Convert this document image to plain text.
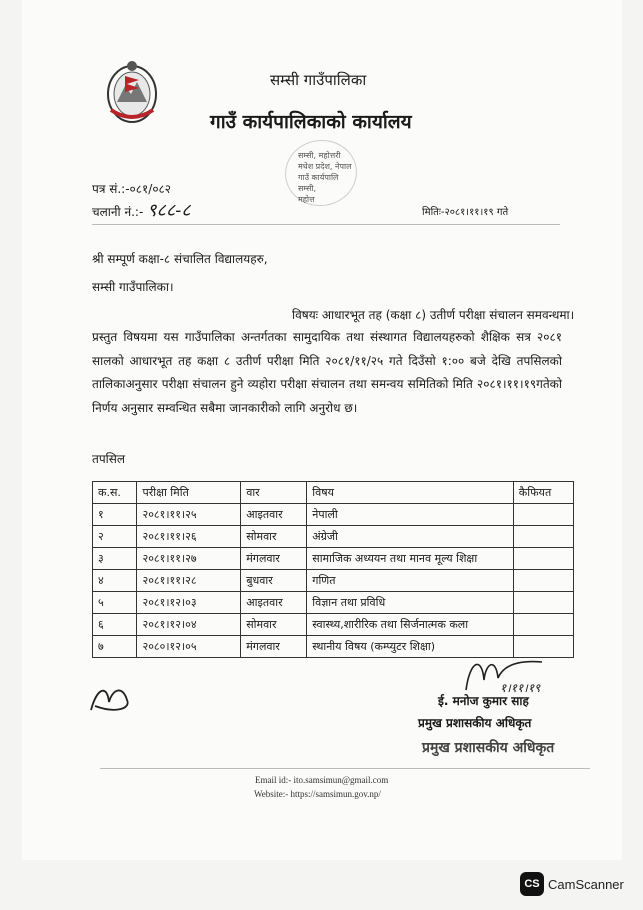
सम्सी गाउँपालिका
गाउँ कार्यपालिकाको कार्यालय
सम्सी, महोत्तरी
मधेश प्रदेश, नेपाल
गाउँ कार्यपालि
सम्सी,
महोत्त
पत्र सं.:-०८१/०८२
चलानी नं.:- ९८८-८	मितिः-२०८१।११।१९ गते
श्री सम्पूर्ण कक्षा-८ संचालित विद्यालयहरु,
सम्सी गाउँपालिका।
विषयः आधारभूत तह (कक्षा ८) उतीर्ण परीक्षा संचालन समवन्धमा।
प्रस्तुत विषयमा यस गाउँपालिका अन्तर्गतका सामुदायिक तथा संस्थागत विद्यालयहरुको शैक्षिक सत्र २०८१ सालको आधारभूत तह कक्षा ८ उतीर्ण परीक्षा मिति २०८१/११/२५ गते दिउँसो १:०० बजे देखि तपसिलको तालिकाअनुसार परीक्षा संचालन हुने व्यहोरा परीक्षा संचालन तथा समन्वय समितिको मिति २०८१।११।१९गतेको निर्णय अनुसार सम्वन्धित सबैमा जानकारीको लागि अनुरोध छ।
तपसिल
क.स.	परीक्षा मिति	वार	विषय	कैफियत
१	२०८१।११।२५	आइतवार	नेपाली	
२	२०८१।११।२६	सोमवार	अंग्रेजी	
३	२०८१।११।२७	मंगलवार	सामाजिक अध्ययन तथा मानव मूल्य शिक्षा	
४	२०८१।११।२८	बुधवार	गणित	
५	२०८१।१२।०३	आइतवार	विज्ञान तथा प्रविधि	
६	२०८१।१२।०४	सोमवार	स्वास्थ्य,शारीरिक तथा सिर्जनात्मक कला	
७	२०८०।१२।०५	मंगलवार	स्थानीय विषय (कम्प्युटर शिक्षा)	
१।११।१९
ई. मनोज कुमार साह
प्रमुख प्रशासकीय अधिकृत
प्रमुख प्रशासकीय अधिकृत
Email id:- ito.samsimun@gmail.com
Website:- https://samsimun.gov.np/
CS CamScanner
